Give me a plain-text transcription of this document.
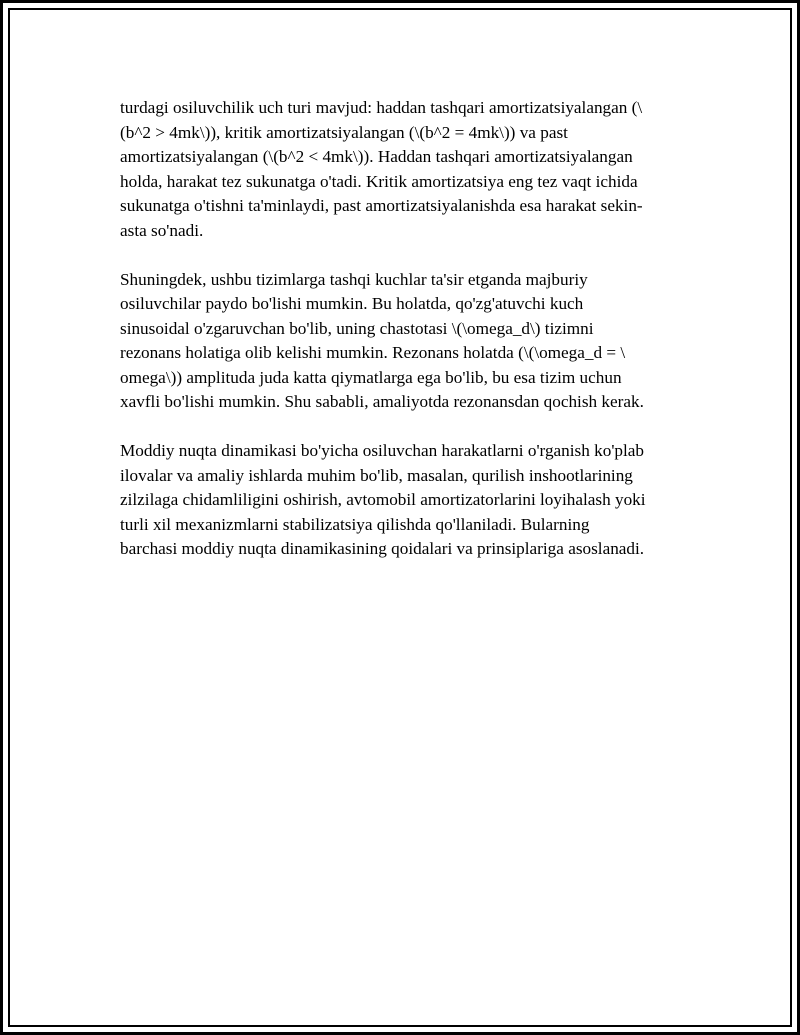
turdagi osiluvchilik uch turi mavjud: haddan tashqari amortizatsiyalangan (\
(b^2 > 4mk\)), kritik amortizatsiyalangan (\(b^2 = 4mk\)) va past
amortizatsiyalangan (\(b^2 < 4mk\)). Haddan tashqari amortizatsiyalangan
holda, harakat tez sukunatga o'tadi. Kritik amortizatsiya eng tez vaqt ichida
sukunatga o'tishni ta'minlaydi, past amortizatsiyalanishda esa harakat sekin-
asta so'nadi.

Shuningdek, ushbu tizimlarga tashqi kuchlar ta'sir etganda majburiy
osiluvchilar paydo bo'lishi mumkin. Bu holatda, qo'zg'atuvchi kuch
sinusoidal o'zgaruvchan bo'lib, uning chastotasi \(\omega_d\) tizimni
rezonans holatiga olib kelishi mumkin. Rezonans holatda (\(\omega_d = \
omega\)) amplituda juda katta qiymatlarga ega bo'lib, bu esa tizim uchun
xavfli bo'lishi mumkin. Shu sababli, amaliyotda rezonansdan qochish kerak.

Moddiy nuqta dinamikasi bo'yicha osiluvchan harakatlarni o'rganish ko'plab
ilovalar va amaliy ishlarda muhim bo'lib, masalan, qurilish inshootlarining
zilzilaga chidamliligini oshirish, avtomobil amortizatorlarini loyihalash yoki
turli xil mexanizmlarni stabilizatsiya qilishda qo'llaniladi. Bularning
barchasi moddiy nuqta dinamikasining qoidalari va prinsiplariga asoslanadi.
